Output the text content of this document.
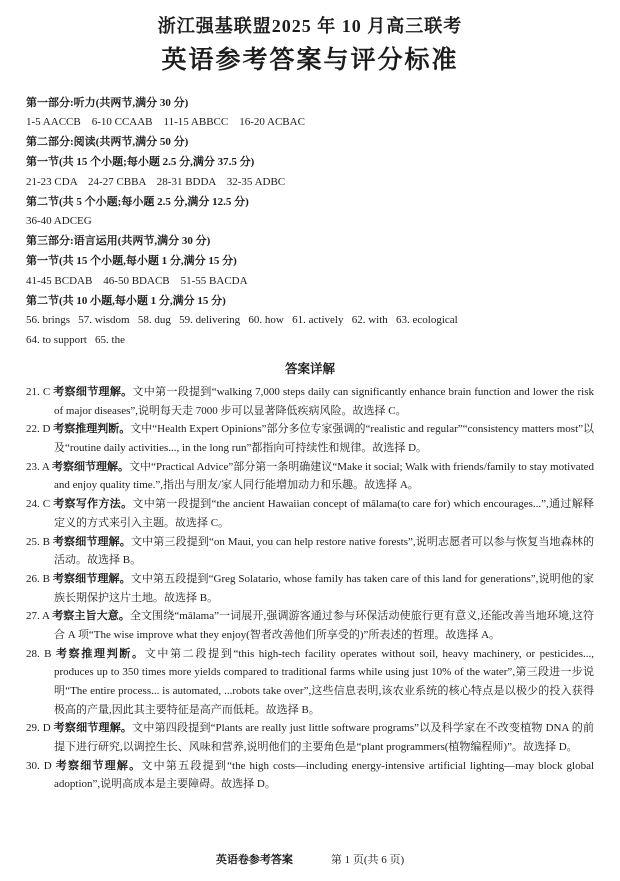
浙江强基联盟2025 年 10 月高三联考
英语参考答案与评分标准
第一部分:听力(共两节,满分 30 分)
1-5 AACCB    6-10 CCAAB    11-15 ABBCC    16-20 ACBAC
第二部分:阅读(共两节,满分 50 分)
第一节(共 15 个小题;每小题 2.5 分,满分 37.5 分)
21-23 CDA    24-27 CBBA    28-31 BDDA    32-35 ADBC
第二节(共 5 个小题;每小题 2.5 分,满分 12.5 分)
36-40 ADCEG
第三部分:语言运用(共两节,满分 30 分)
第一节(共 15 个小题,每小题 1 分,满分 15 分)
41-45 BCDAB    46-50 BDACB    51-55 BACDA
第二节(共 10 小题,每小题 1 分,满分 15 分)
56. brings   57. wisdom   58. dug   59. delivering   60. how   61. actively   62. with   63. ecological
64. to support   65. the
答案详解

21. C 考察细节理解。文中第一段提到“walking 7,000 steps daily can significantly enhance brain function and lower the risk of major diseases”,说明每天走 7000 步可以显著降低疾病风险。故选择 C。

22. D 考察推理判断。文中“Health Expert Opinions”部分多位专家强调的“realistic and regular”“consistency matters most”以及“routine daily activities..., in the long run”都指向可持续性和规律。故选择 D。

23. A 考察细节理解。文中“Practical Advice”部分第一条明确建议“Make it social; Walk with friends/family to stay motivated and enjoy quality time.”,指出与朋友/家人同行能增加动力和乐趣。故选择 A。

24. C 考察写作方法。文中第一段提到“the ancient Hawaiian concept of mālama(to care for) which encourages...”,通过解释定义的方式来引入主题。故选择 C。

25. B 考察细节理解。文中第三段提到“on Maui, you can help restore native forests”,说明志愿者可以参与恢复当地森林的活动。故选择 B。

26. B 考察细节理解。文中第五段提到“Greg Solatario, whose family has taken care of this land for generations”,说明他的家族长期保护这片土地。故选择 B。

27. A 考察主旨大意。全文围绕“mālama”一词展开,强调游客通过参与环保活动使旅行更有意义,还能改善当地环境,这符合 A 项“The wise improve what they enjoy(智者改善他们所享受的)”所表述的哲理。故选择 A。

28. B 考察推理判断。文中第二段提到“this high-tech facility operates without soil, heavy machinery, or pesticides..., produces up to 350 times more yields compared to traditional farms while using just 10% of the water”,第三段进一步说明“The entire process... is automated, ...robots take over”,这些信息表明,该农业系统的核心特点是以极少的投入获得极高的产量,因此其主要特征是高产而低耗。故选择 B。

29. D 考察细节理解。文中第四段提到“Plants are really just little software programs”以及科学家在不改变植物 DNA 的前提下进行研究,以调控生长、风味和营养,说明他们的主要角色是“plant programmers(植物编程师)”。故选择 D。

30. D 考察细节理解。文中第五段提到“the high costs—including energy-intensive artificial lighting—may block global adoption”,说明高成本是主要障碍。故选择 D。

英语卷参考答案	第 1 页(共 6 页)
